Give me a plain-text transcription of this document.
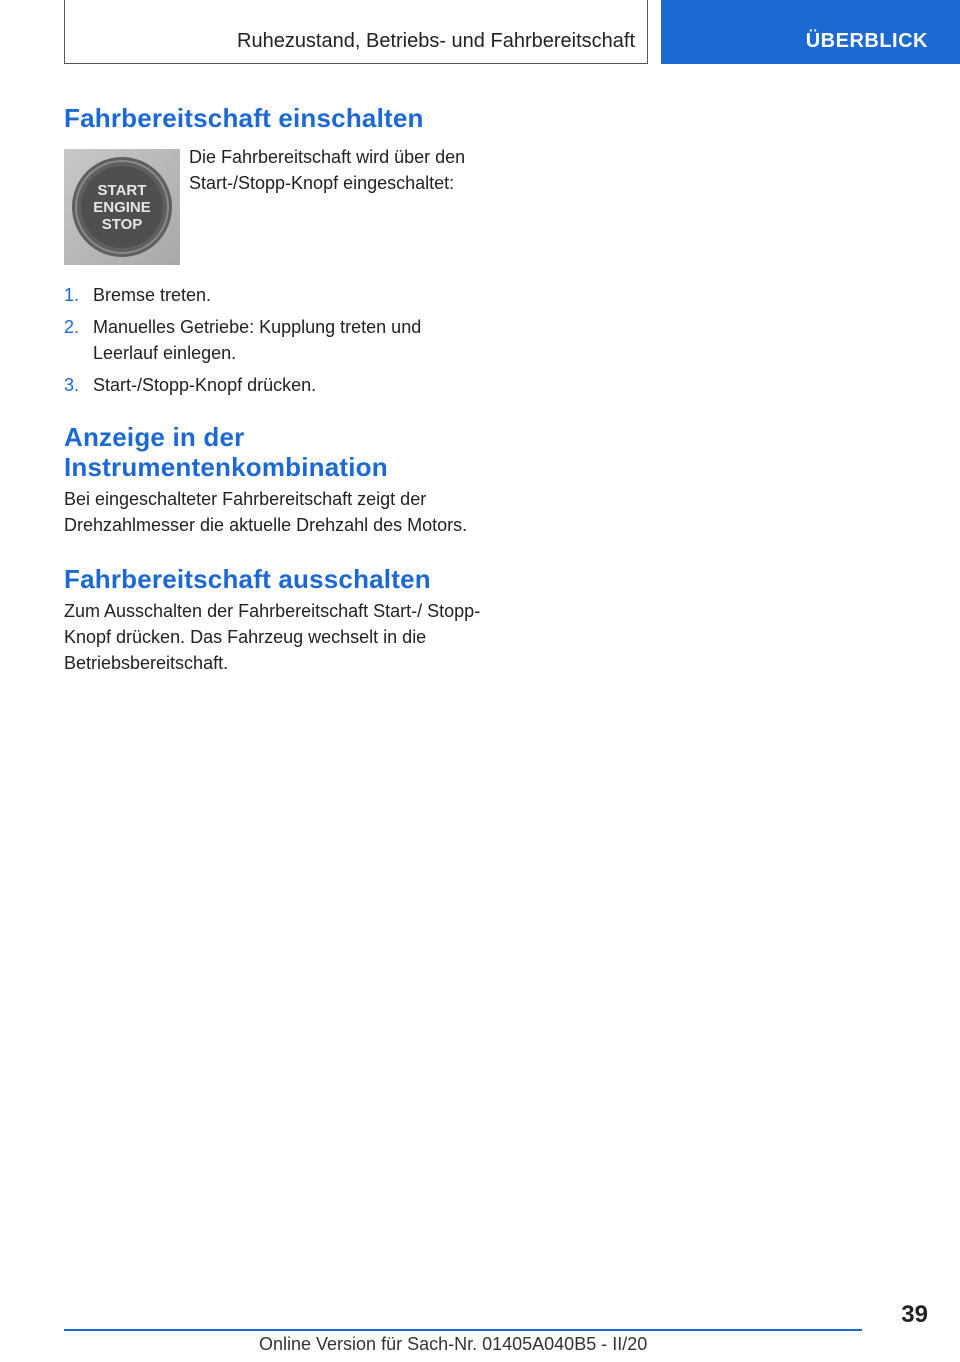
Ruhezustand, Betriebs- und Fahrbereitschaft	ÜBERBLICK
Fahrbereitschaft einschalten
START
ENGINE
STOP
Die Fahrbereitschaft wird über den Start-/Stopp-Knopf eingeschaltet:
1. Bremse treten.
2. Manuelles Getriebe: Kupplung treten und Leerlauf einlegen.
3. Start-/Stopp-Knopf drücken.
Anzeige in der Instrumentenkombination

Bei eingeschalteter Fahrbereitschaft zeigt der Drehzahlmesser die aktuelle Drehzahl des Motors.

Fahrbereitschaft ausschalten

Zum Ausschalten der Fahrbereitschaft Start-/ Stopp-Knopf drücken. Das Fahrzeug wechselt in die Betriebsbereitschaft.

39
Online Version für Sach-Nr. 01405A040B5 - II/20
